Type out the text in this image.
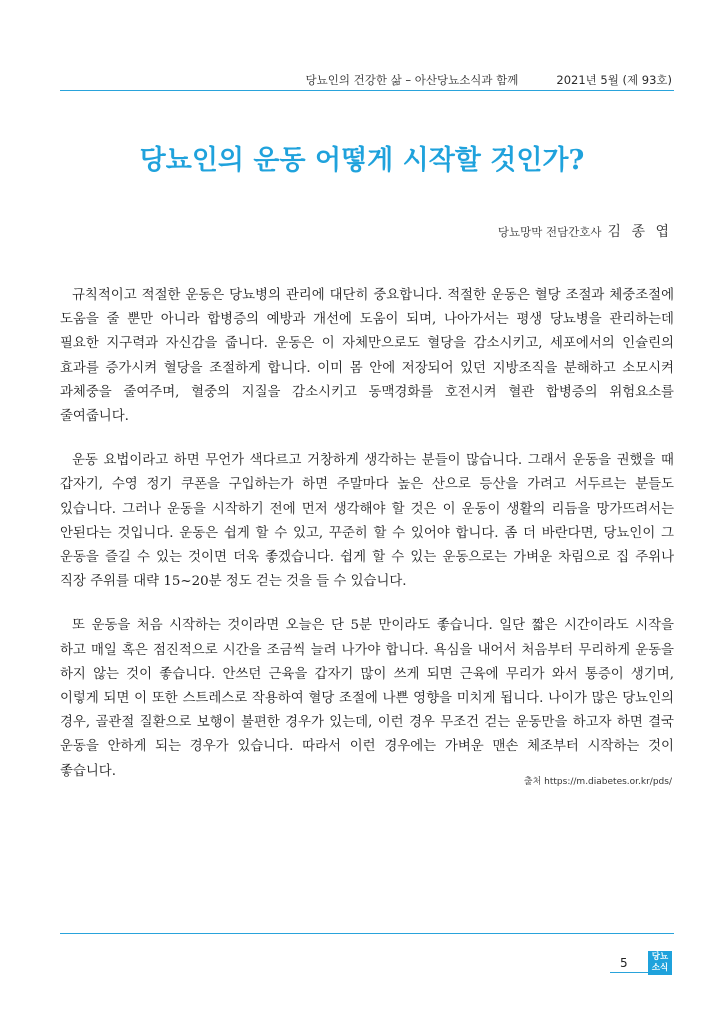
당뇨인의 건강한 삶 – 아산당뇨소식과 함께	2021년 5월 (제 93호)
당뇨인의 운동 어떻게 시작할 것인가?
당뇨망막 전담간호사 김 종 엽

규칙적이고 적절한 운동은 당뇨병의 관리에 대단히 중요합니다. 적절한 운동은 혈당 조절과 체중조절에 도움을 줄 뿐만 아니라 합병증의 예방과 개선에 도움이 되며, 나아가서는 평생 당뇨병을 관리하는데 필요한 지구력과 자신감을 줍니다. 운동은 이 자체만으로도 혈당을 감소시키고, 세포에서의 인슐린의 효과를 증가시켜 혈당을 조절하게 합니다. 이미 몸 안에 저장되어 있던 지방조직을 분해하고 소모시켜 과체중을 줄여주며, 혈중의 지질을 감소시키고 동맥경화를 호전시켜 혈관 합병증의 위험요소를 줄여줍니다.

운동 요법이라고 하면 무언가 색다르고 거창하게 생각하는 분들이 많습니다. 그래서 운동을 권했을 때 갑자기, 수영 정기 쿠폰을 구입하는가 하면 주말마다 높은 산으로 등산을 가려고 서두르는 분들도 있습니다. 그러나 운동을 시작하기 전에 먼저 생각해야 할 것은 이 운동이 생활의 리듬을 망가뜨려서는 안된다는 것입니다. 운동은 쉽게 할 수 있고, 꾸준히 할 수 있어야 합니다. 좀 더 바란다면, 당뇨인이 그 운동을 즐길 수 있는 것이면 더욱 좋겠습니다. 쉽게 할 수 있는 운동으로는 가벼운 차림으로 집 주위나 직장 주위를 대략 15~20분 정도 걷는 것을 들 수 있습니다.

또 운동을 처음 시작하는 것이라면 오늘은 단 5분 만이라도 좋습니다. 일단 짧은 시간이라도 시작을 하고 매일 혹은 점진적으로 시간을 조금씩 늘려 나가야 합니다. 욕심을 내어서 처음부터 무리하게 운동을 하지 않는 것이 좋습니다. 안쓰던 근육을 갑자기 많이 쓰게 되면 근육에 무리가 와서 통증이 생기며, 이렇게 되면 이 또한 스트레스로 작용하여 혈당 조절에 나쁜 영향을 미치게 됩니다. 나이가 많은 당뇨인의 경우, 골관절 질환으로 보행이 불편한 경우가 있는데, 이런 경우 무조건 걷는 운동만을 하고자 하면 결국 운동을 안하게 되는 경우가 있습니다. 따라서 이런 경우에는 가벼운 맨손 체조부터 시작하는 것이 좋습니다.

출처 https://m.diabetes.or.kr/pds/
5	당뇨
소식
